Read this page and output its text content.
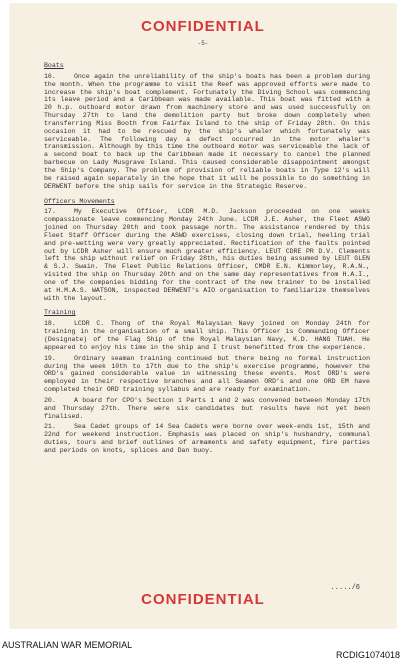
CONFIDENTIAL
-5-
Boats
16.	Once again the unreliability of the ship's boats has been a problem during the month. When the programme to visit the Reef was approved efforts were made to increase the ship's boat complement. Fortunately the Diving School was commencing its leave period and a Caribbean was made available. This boat was fitted with a 20 h.p. outboard motor drawn from machinery store and was used successfully on Thursday 27th to land the demolition party but broke down completely when transferring Miss Booth from Fairfax Island to the ship of Friday 28th. On this occasion it had to be rescued by the ship's whaler which fortunately was serviceable. The following day a defect occurred in the motor whaler's transmission. Although by this time the outboard motor was serviceable the lack of a second boat to back up the Caribbean made it necessary to cancel the planned barbecue on Lady Musgrave Island. This caused considerable disappointment amongst the Ship's Company. The problem of provision of reliable boats in Type 12's will be raised again separately in the hope that it will be possible to do something in DERWENT before the ship sails for service in the Strategic Reserve.
Officers Movements
17.	My Executive Officer, LCDR M.D. Jackson proceeded on one weeks compassionate leave commencing Monday 24th June. LCDR J.E. Asher, the Fleet ASWO joined on Thursday 20th and took passage north. The assistance rendered by this Fleet Staff Officer during the ASWD exercises, closing down trial, heeling trial and pre-wetting were very greatly appreciated. Rectification of the faults pointed out by LCDR Asher will ensure much greater efficiency. LEUT CDRE PR D.V. Clements left the ship without relief on Friday 28th, his duties being assumed by LEUT GLEN & S.J. Swain. The Fleet Public Relations Officer, CMDR E.N. Kimmorley, R.A.N., visited the ship on Thursday 20th and on the same day representatives from H.A.I., one of the companies bidding for the contract of the new trainer to be installed at H.M.A.S. WATSON, inspected DERWENT's AIO organisation to familiarize themselves with the layout.
Training
18.	LCDR C. Thong of the Royal Malaysian Navy joined on Monday 24th for training in the organisation of a small ship. This Officer is Commanding Officer (Designate) of the Flag Ship of the Royal Malaysian Navy, K.D. HANG TUAH. He appeared to enjoy his time in the ship and I trust benefitted from the experience.
19.	Ordinary seaman training continued but there being no formal instruction during the week 10th to 17th due to the ship's exercise programme, however the ORD's gained considerable value in witnessing these events. Most ORD's were employed in their respective branches and all Seamen ORD's and one ORD EM have completed their ORD training syllabus and are ready for examination.
20.	A board for CPO's Section 1 Parts 1 and 2 was convened between Monday 17th and Thursday 27th. There were six candidates but results have not yet been finalised.
21.	Sea Cadet groups of 14 Sea Cadets were borne over week-ends 1st, 15th and 22nd for weekend instruction. Emphasis was placed on ship's husbandry, communal duties, tours and brief outlines of armaments and safety equipment, fire parties and periods on knots, splices and Dan buoy.
...../6
CONFIDENTIAL
AUSTRALIAN WAR MEMORIAL
RCDIG1074018
